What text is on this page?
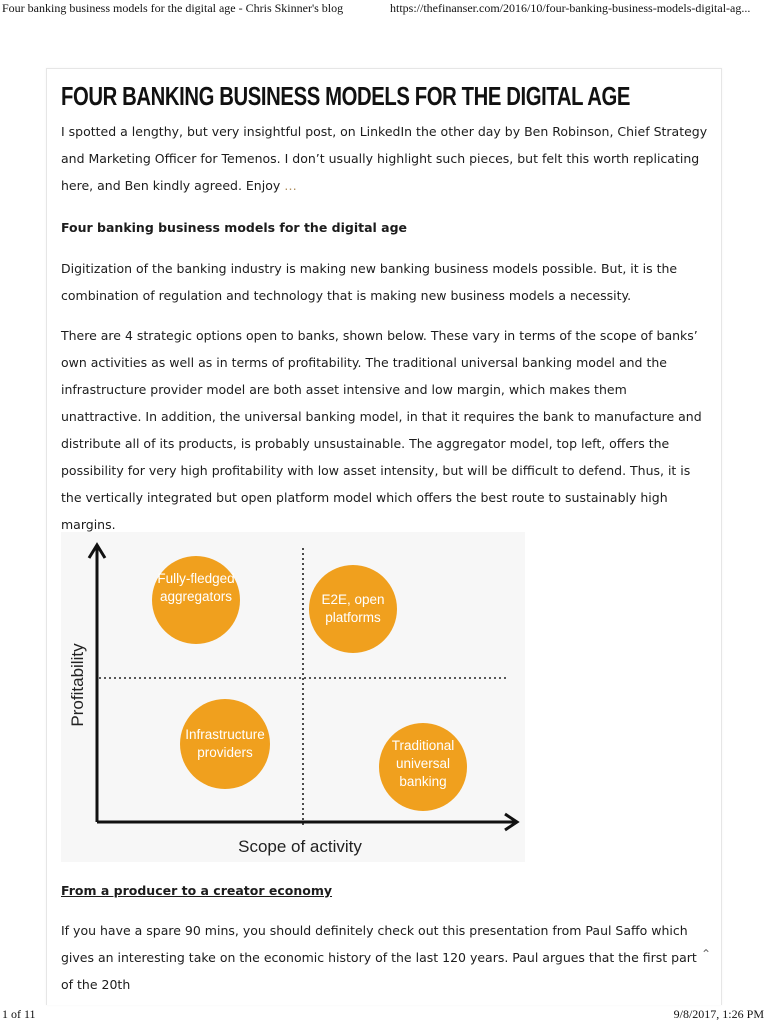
Four banking business models for the digital age - Chris Skinner's blog	https://thefinanser.com/2016/10/four-banking-business-models-digital-ag...
FOUR BANKING BUSINESS MODELS FOR THE DIGITAL AGE

I spotted a lengthy, but very insightful post, on LinkedIn the other day by Ben Robinson, Chief Strategy and Marketing Officer for Temenos. I don’t usually highlight such pieces, but felt this worth replicating here, and Ben kindly agreed. Enjoy …

Four banking business models for the digital age

Digitization of the banking industry is making new banking business models possible. But, it is the combination of regulation and technology that is making new business models a necessity.

There are 4 strategic options open to banks, shown below. These vary in terms of the scope of banks’ own activities as well as in terms of profitability. The traditional universal banking model and the infrastructure provider model are both asset intensive and low margin, which makes them unattractive. In addition, the universal banking model, in that it requires the bank to manufacture and distribute all of its products, is probably unsustainable. The aggregator model, top left, offers the possibility for very high profitability with low asset intensity, but will be difficult to defend. Thus, it is the vertically integrated but open platform model which offers the best route to sustainably high margins.

Fully-fledged aggregators	E2E, open platforms
Infrastructure providers	Traditional universal banking
Profitability
Scope of activity

From a producer to a creator economy

If you have a spare 90 mins, you should definitely check out this presentation from Paul Saffo which gives an interesting take on the economic history of the last 120 years. Paul argues that the first part of the 20th

⌃
1 of 11	9/8/2017, 1:26 PM
